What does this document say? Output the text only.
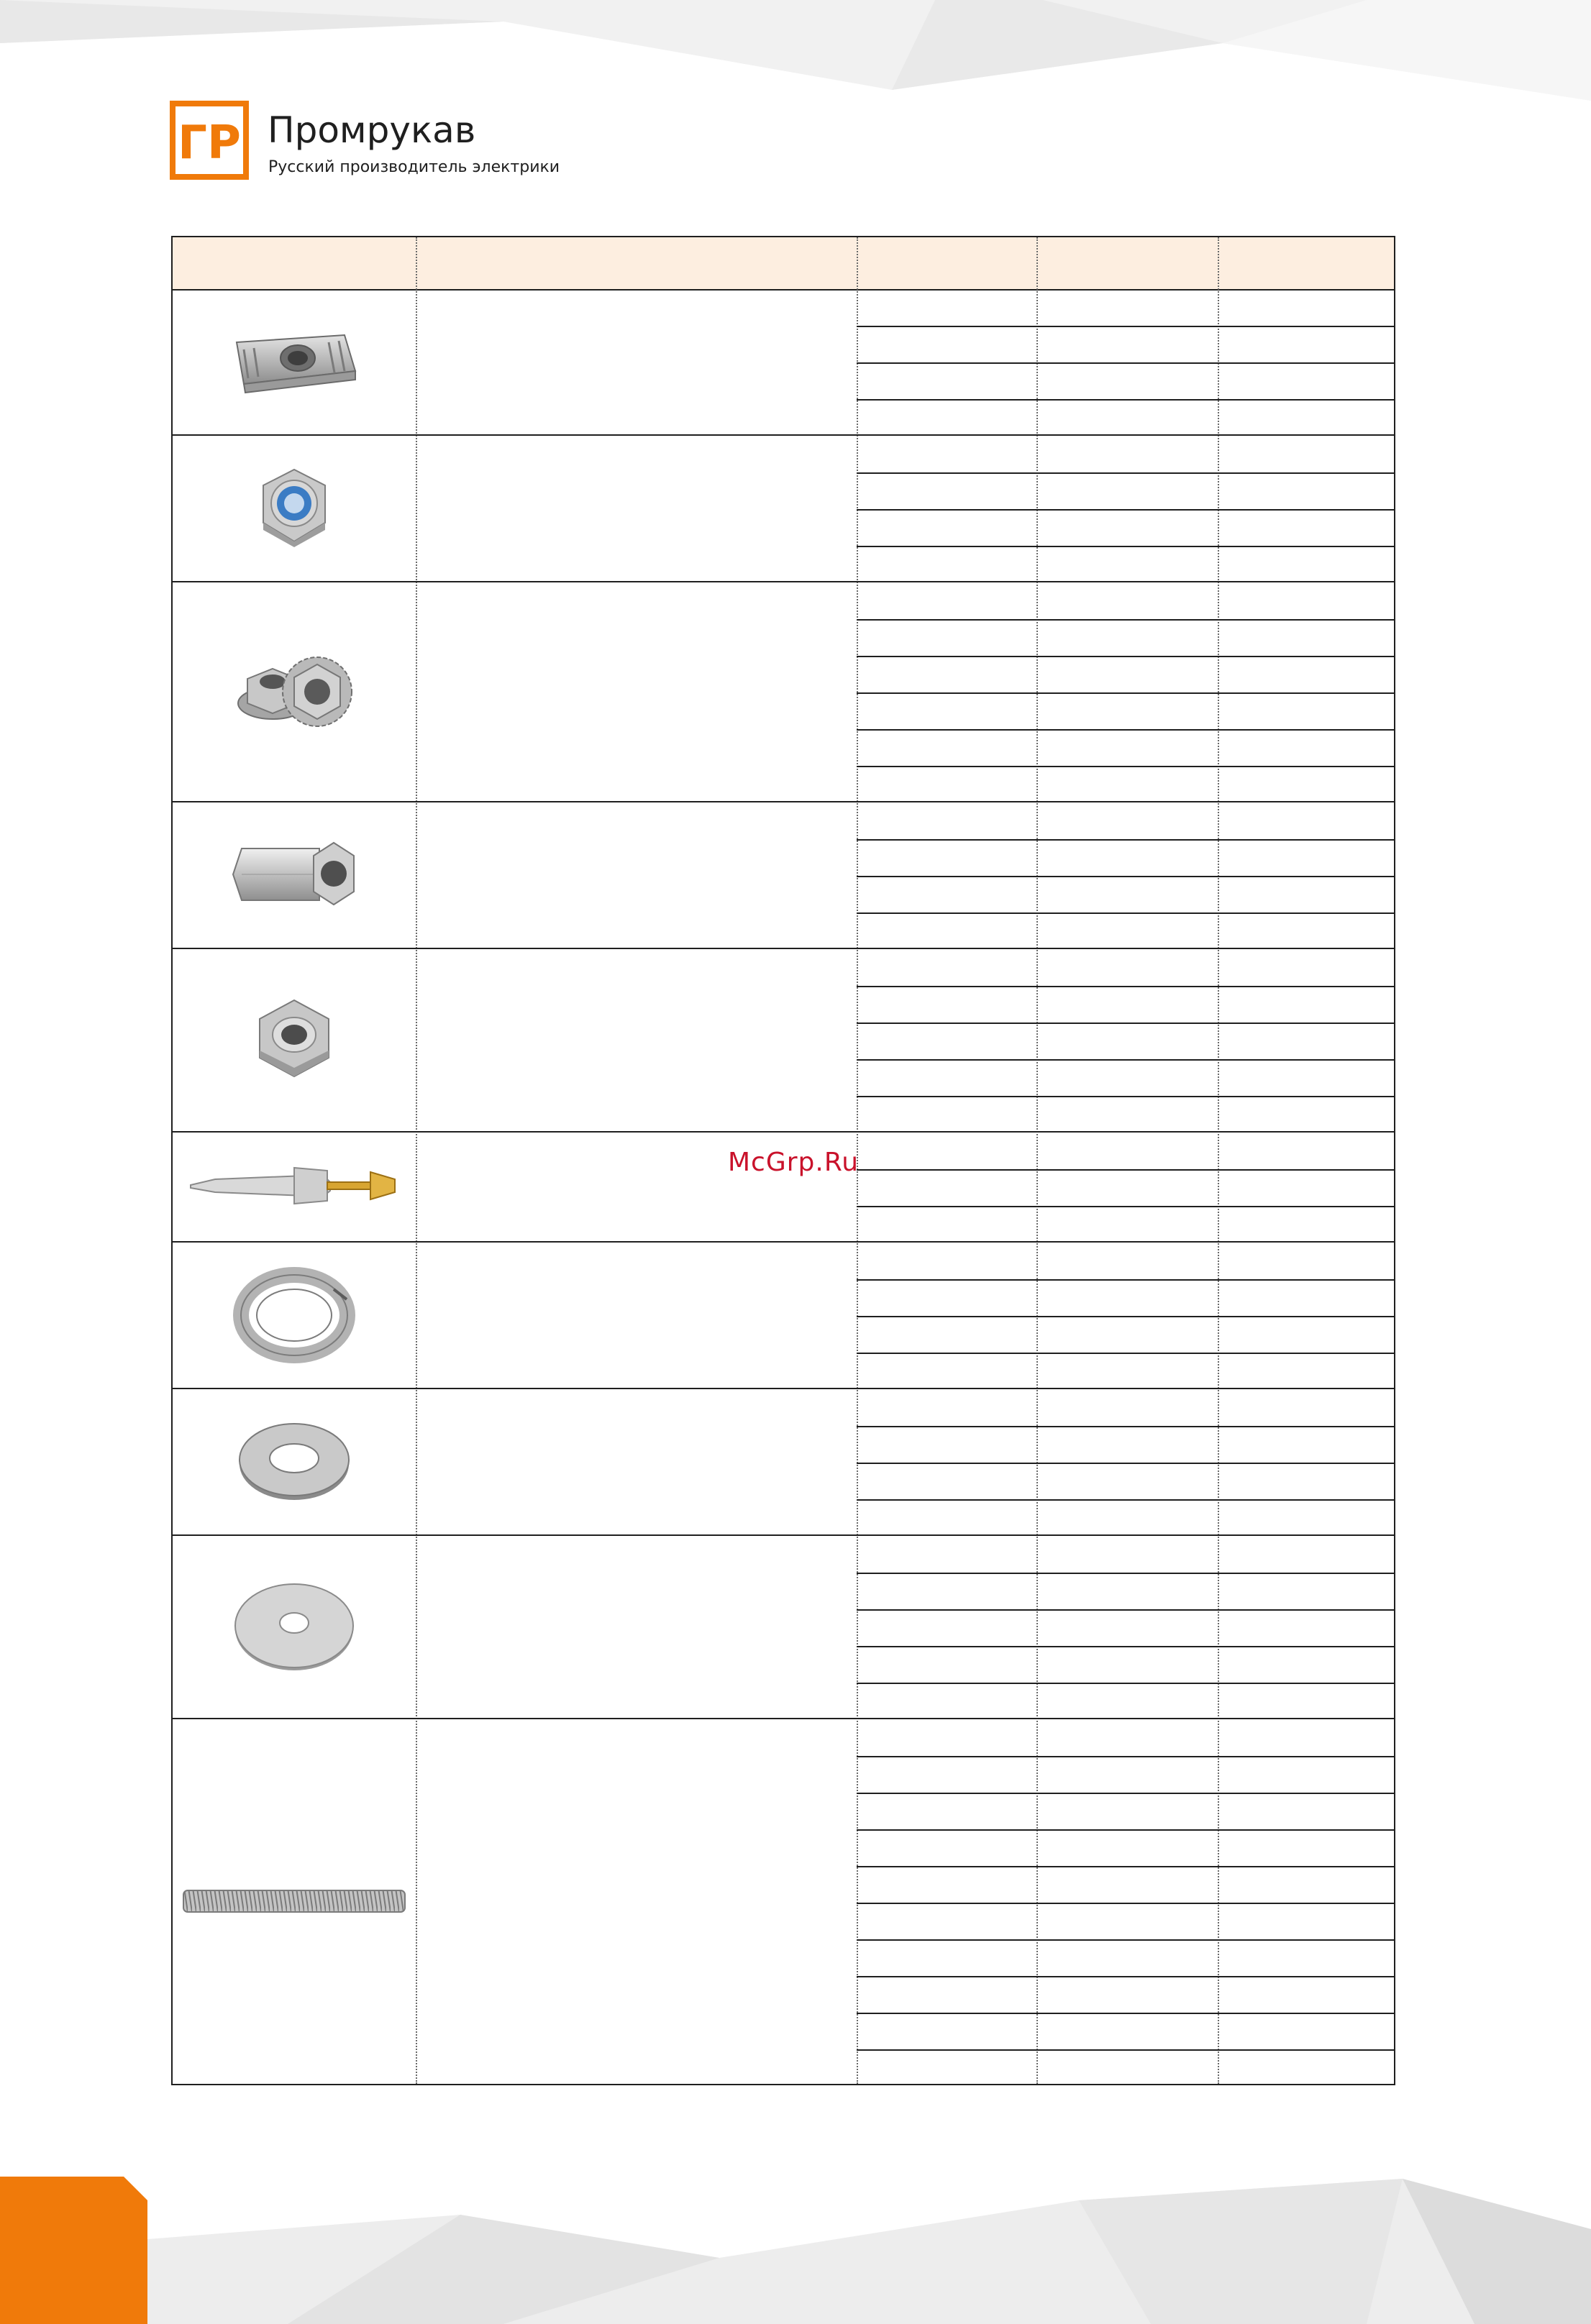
ГР Промрукав
Русский производитель электрики
McGrp.Ru
